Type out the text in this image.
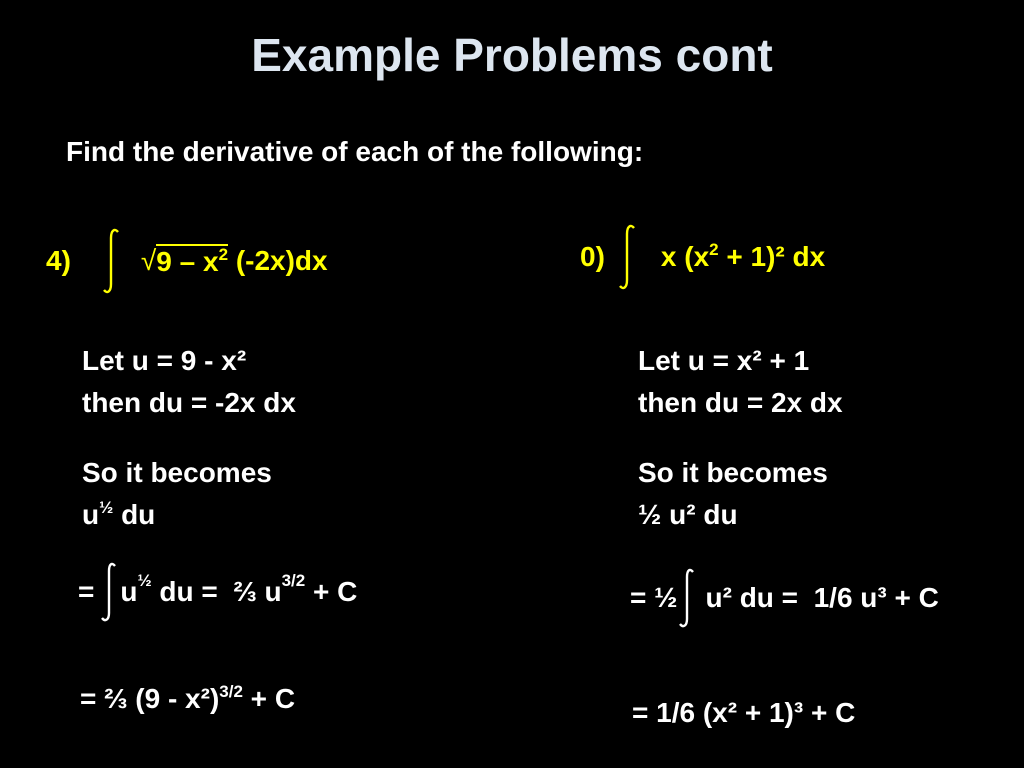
Example Problems cont
Find the derivative of each of the following:
4)	√ $9 - x^2$
(-2x)dx
Let u = 9 - x²
then du = -2x dx
So it becomes
$u^{\frac{1}{2}}$ du
= $u^{\frac{1}{2}}$ du =  ⅔ $u^{3/2} + C$
= ⅔ (9 - x²)$^{3/2}$ + C
0) x $(x^2 + 1)^2$ dx
Let u = x² + 1
then du = 2x dx
So it becomes
½ u² du
= ½ u² du =  1/6 u³ + C
= 1/6 (x² + 1)³ + C
